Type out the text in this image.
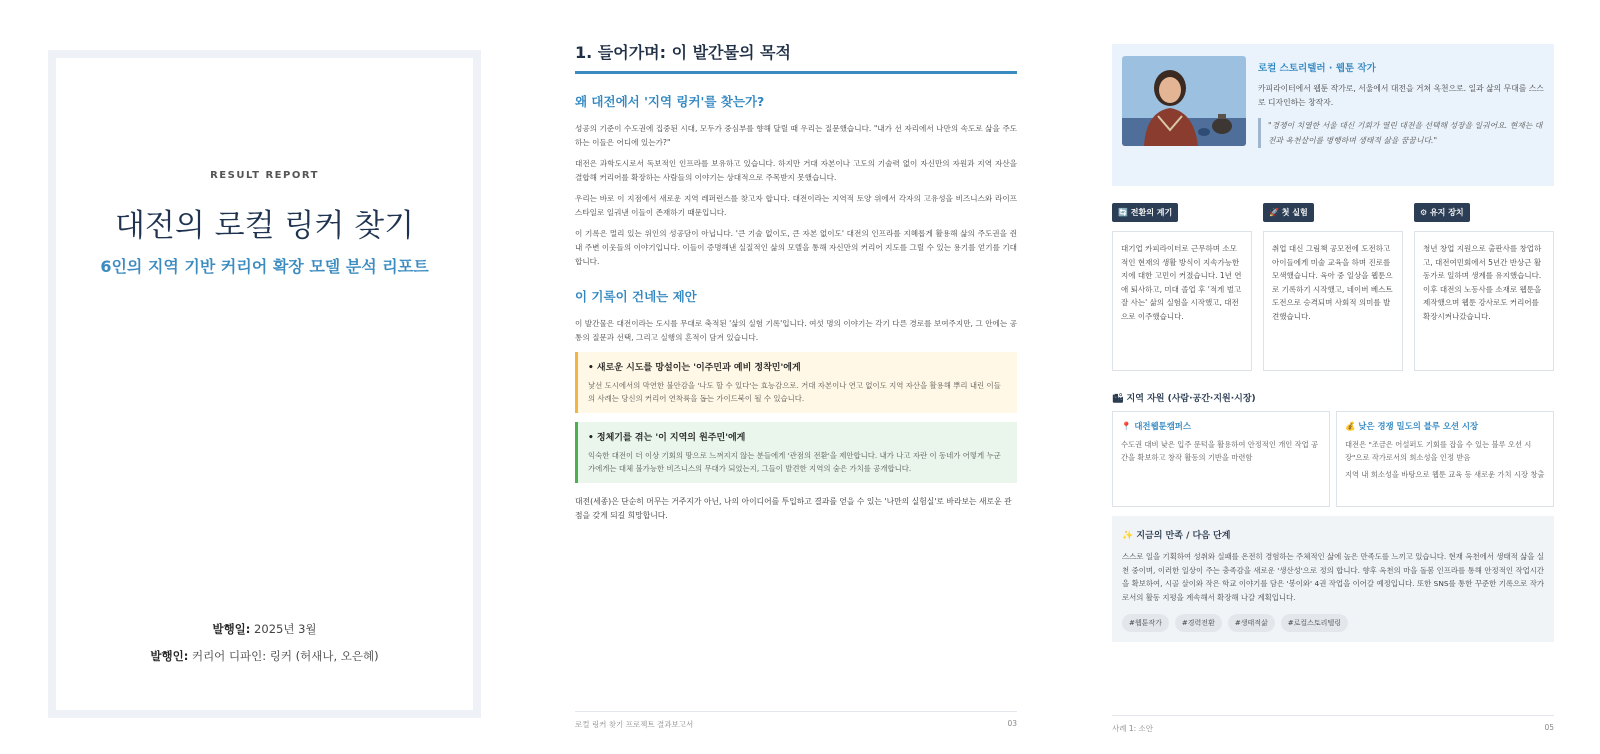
RESULT REPORT
대전의 로컬 링커 찾기
6인의 지역 기반 커리어 확장 모델 분석 리포트
발행일: 2025년 3월
발행인: 커리어 디파인: 링커 (허새나, 오은혜)
1. 들어가며: 이 발간물의 목적
왜 대전에서 '지역 링커'를 찾는가?

성공의 기준이 수도권에 집중된 시대, 모두가 중심부를 향해 달릴 때 우리는 질문했습니다. "내가 선 자리에서 나만의 속도로 삶을 주도하는 이들은 어디에 있는가?"

대전은 과학도시로서 독보적인 인프라를 보유하고 있습니다. 하지만 거대 자본이나 고도의 기술력 없이 자신만의 자원과 지역 자산을 결합해 커리어를 확장하는 사람들의 이야기는 상대적으로 주목받지 못했습니다.

우리는 바로 이 지점에서 새로운 지역 레퍼런스를 찾고자 합니다. 대전이라는 지역적 토양 위에서 각자의 고유성을 비즈니스와 라이프스타일로 일궈낸 이들이 존재하기 때문입니다.

이 기록은 멀리 있는 위인의 성공담이 아닙니다. '큰 기술 없이도, 큰 자본 없이도' 대전의 인프라를 지혜롭게 활용해 삶의 주도권을 쥔 내 주변 이웃들의 이야기입니다. 이들이 증명해낸 실질적인 삶의 모델을 통해 자신만의 커리어 지도를 그릴 수 있는 용기를 얻기를 기대합니다.

이 기록이 건네는 제안

이 발간물은 대전이라는 도시를 무대로 축적된 '삶의 실험 기록'입니다. 여섯 명의 이야기는 각기 다른 경로를 보여주지만, 그 안에는 공통의 질문과 선택, 그리고 실행의 흔적이 담겨 있습니다.

• 새로운 시도를 망설이는 '이주민과 예비 정착민'에게
낯선 도시에서의 막연한 불안감을 '나도 할 수 있다'는 효능감으로. 거대 자본이나 연고 없이도 지역 자산을 활용해 뿌리 내린 이들의 사례는 당신의 커리어 연착륙을 돕는 가이드북이 될 수 있습니다.
• 정체기를 겪는 '이 지역의 원주민'에게
익숙한 대전이 더 이상 기회의 땅으로 느껴지지 않는 분들에게 '관점의 전환'을 제안합니다. 내가 나고 자란 이 동네가 어떻게 누군가에게는 대체 불가능한 비즈니스의 무대가 되었는지, 그들이 발견한 지역의 숨은 가치를 공개합니다.
대전(세종)은 단순히 머무는 거주지가 아닌, 나의 아이디어를 투입하고 결과를 얻을 수 있는 '나만의 실험실'로 바라보는 새로운 관점을 갖게 되길 희망합니다.
로컬 링커 찾기 프로젝트 결과보고서	03
로컬 스토리텔러 · 웹툰 작가
카피라이터에서 웹툰 작가로, 서울에서 대전을 거쳐 옥천으로. 일과 삶의 무대를 스스로 디자인하는 창작자.
"경쟁이 치열한 서울 대신 기회가 열린 대전을 선택해 성장을 일궈어요. 현재는 대전과 옥천살이를 병행하며 생태적 삶을 꿈꿉니다."
🔄 전환의 계기
대기업 카피라이터로 근무하며 소모적인 현재의 생활 방식이 지속가능한지에 대한 고민이 커졌습니다. 1년 연애 퇴사하고, 미대 졸업 후 '적게 벌고 잘 사는' 삶의 실험을 시작했고, 대전으로 이주했습니다.
🚀 첫 실험
취업 대신 그림책 공모전에 도전하고 아이들에게 미술 교육을 하며 진로를 모색했습니다. 육아 중 일상을 웹툰으로 기록하기 시작했고, 네이버 베스트도전으로 승격되며 사회적 의미를 발견했습니다.
⚙ 유지 장치
청년 창업 지원으로 출판사를 창업하고, 대전여민회에서 5년간 반상근 활동가로 일하며 생계를 유지했습니다. 이후 대전의 노동사를 소재로 웹툰을 제작했으며 웹툰 강사로도 커리어를 확장시켜나갔습니다.
🏙 지역 자원 (사람·공간·지원·시장)
📍 대전웹툰캠퍼스
수도권 대비 낮은 입주 문턱을 활용하여 안정적인 개인 작업 공간을 확보하고 창작 활동의 기반을 마련함
💰 낮은 경쟁 밀도의 블루 오션 시장
대전은 "조금은 어설퍼도 기회를 잡을 수 있는 블루 오션 시장"으로 작가로서의 희소성을 인정 받음
지역 내 희소성을 바탕으로 웹툰 교육 등 새로운 가치 시장 창출
✨ 지금의 만족 / 다음 단계
스스로 일을 기획하여 성취와 실패를 온전히 경험하는 주체적인 삶에 높은 만족도를 느끼고 있습니다. 현재 옥천에서 생태적 삶을 실천 중이며, 이러한 일상이 주는 충족감을 새로운 '생산성'으로 정의 합니다. 향후 옥천의 마을 돌봄 인프라를 통해 안정적인 작업시간을 확보하여, 시골 살이와 작은 학교 이야기를 담은 '봉이와' 4권 작업을 이어갈 예정입니다. 또한 SNS를 통한 꾸준한 기록으로 작가로서의 활동 지평을 계속해서 확장해 나갈 계획입니다.
#웹툰작가	#경력전환	#생태적삶	#로컬스토리텔링
사례 1: 소안	05
